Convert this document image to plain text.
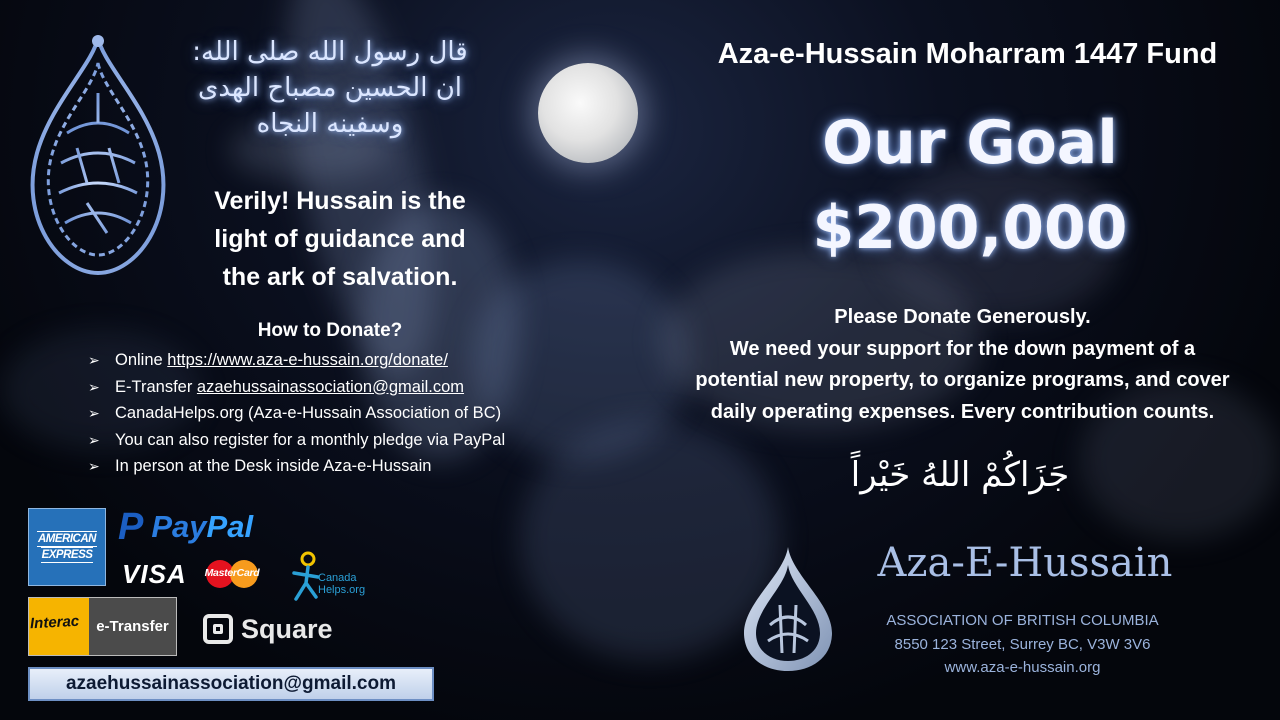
قال رسول الله صلى الله:
ان الحسين مصباح الهدى
وسفينه النجاه
Verily! Hussain is the
light of guidance and
the ark of salvation.
How to Donate?
➢ Online https://www.aza-e-hussain.org/donate/
➢ E-Transfer azaehussainassociation@gmail.com
➢ CanadaHelps.org (Aza-e-Hussain Association of BC)
➢ You can also register for a monthly pledge via PayPal
➢ In person at the Desk inside Aza-e-Hussain
Aza-e-Hussain Moharram 1447 Fund
Our Goal
$200,000
Please Donate Generously.
We need your support for the down payment of a
potential new property, to organize programs, and cover
daily operating expenses. Every contribution counts.
جَزَاكُمْ اللهُ خَيْراً
Aza-E-Hussain
ASSOCIATION OF BRITISH COLUMBIA
8550 123 Street, Surrey BC, V3W 3V6
www.aza-e-hussain.org
AMERICAN
EXPRESS
P Pay Pal
VISA MasterCard	Canada
Helps.org
Interac	e-Transfer	Square
azaehussainassociation@gmail.com
